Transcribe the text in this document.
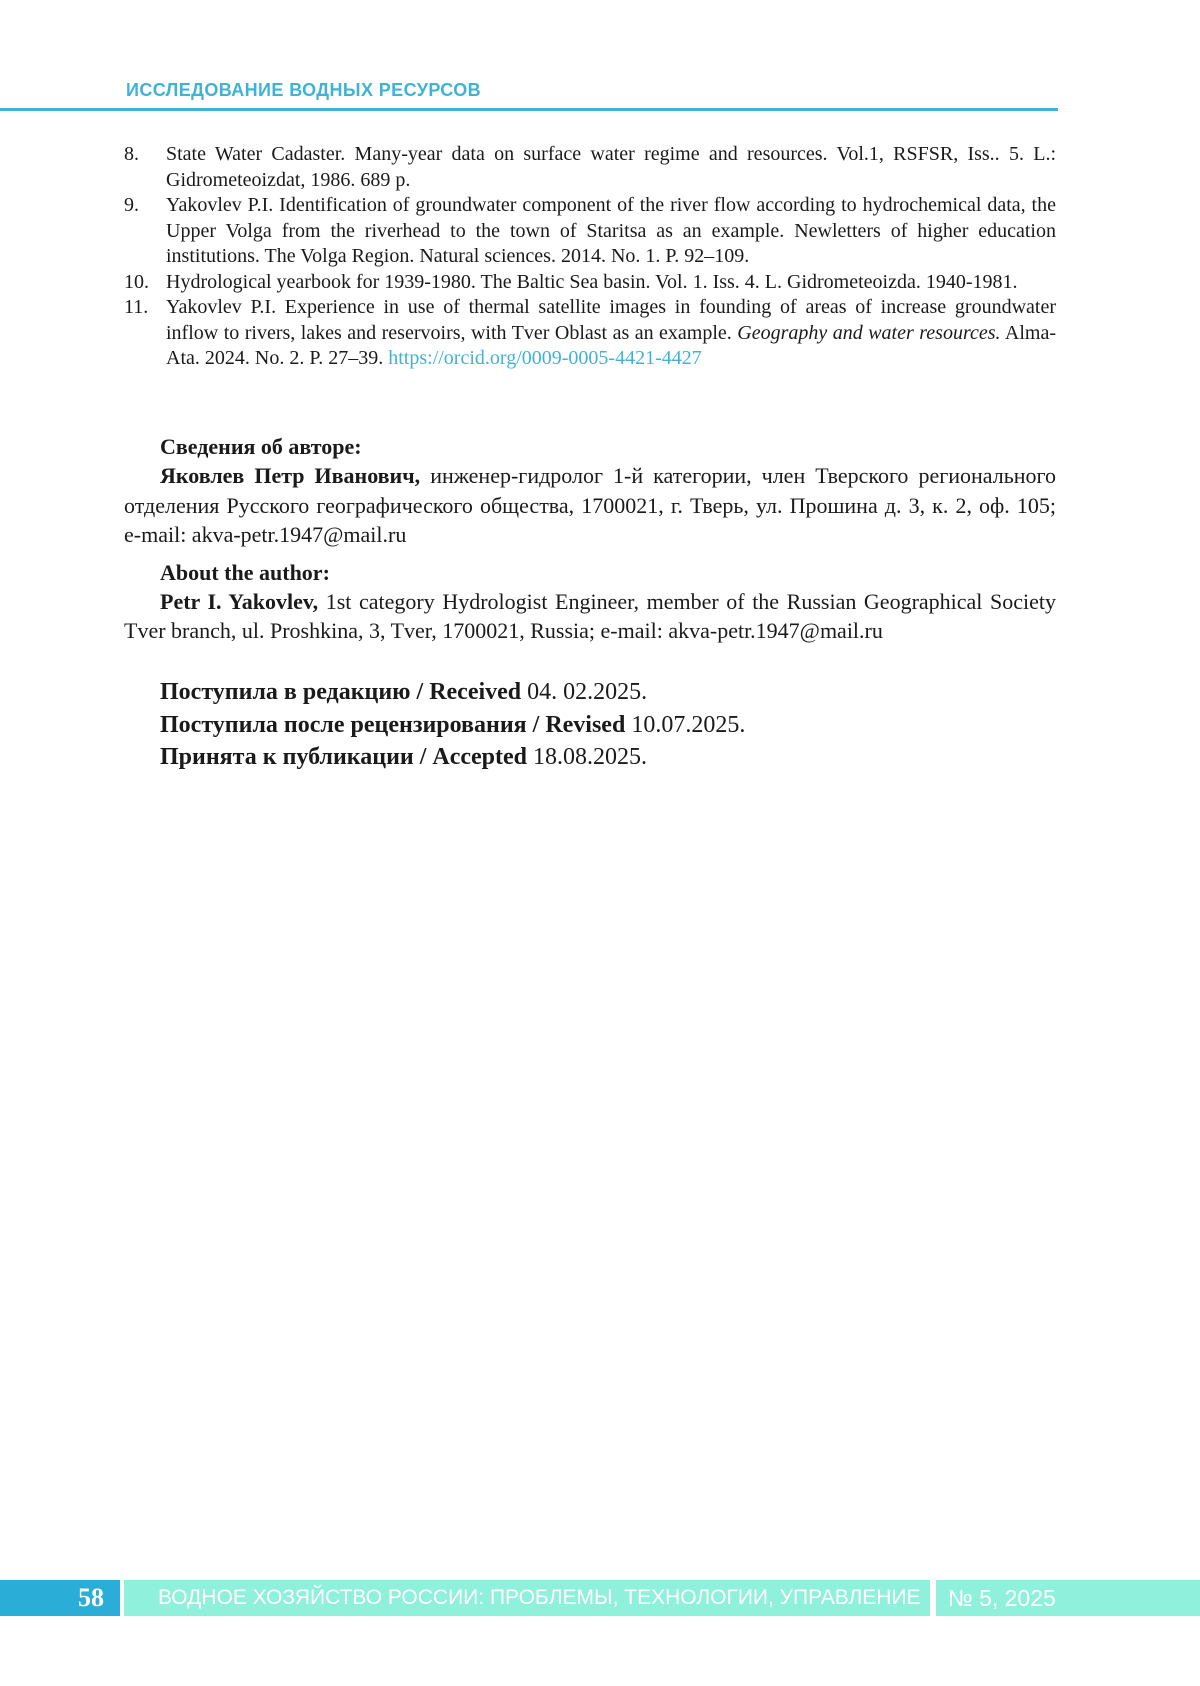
ИССЛЕДОВАНИЕ ВОДНЫХ РЕСУРСОВ
8.	State Water Cadaster. Many-year data on surface water regime and resources. Vol.1, RSFSR, Iss.. 5. L.: Gidrometeoizdat, 1986. 689 p.
9.	Yakovlev P.I. Identification of groundwater component of the river flow according to hydrochemical data, the Upper Volga from the riverhead to the town of Staritsa as an example. Newletters of higher education institutions. The Volga Region. Natural sciences. 2014. No. 1. P. 92–109.
10. Hydrological yearbook for 1939-1980. The Baltic Sea basin. Vol. 1. Iss. 4. L. Gidrometeoizda. 1940-1981.
11. Yakovlev P.I. Experience in use of thermal satellite images in founding of areas of increase groundwater inflow to rivers, lakes and reservoirs, with Tver Oblast as an example. Geography and water resources. Alma-Ata. 2024. No. 2. P. 27–39. https://orcid.org/0009-0005-4421-4427
Сведения об авторе:

Яковлев Петр Иванович, инженер-гидролог 1-й категории, член Тверского регионального отделения Русского географического общества, 1700021, г. Тверь, ул. Прошина д. 3, к. 2, оф. 105; e-mail: akva-petr.1947@mail.ru

About the author:

Petr I. Yakovlev, 1st category Hydrologist Engineer, member of the Russian Geographical Society Tver branch, ul. Proshkina, 3, Tver, 1700021, Russia; e-mail: akva-petr.1947@mail.ru

Поступила в редакцию / Received 04. 02.2025.
Поступила после рецензирования / Revised 10.07.2025.
Принята к публикации / Accepted 18.08.2025.
58	ВОДНОЕ ХОЗЯЙСТВО РОССИИ: ПРОБЛЕМЫ, ТЕХНОЛОГИИ, УПРАВЛЕНИЕ	№ 5, 2025
